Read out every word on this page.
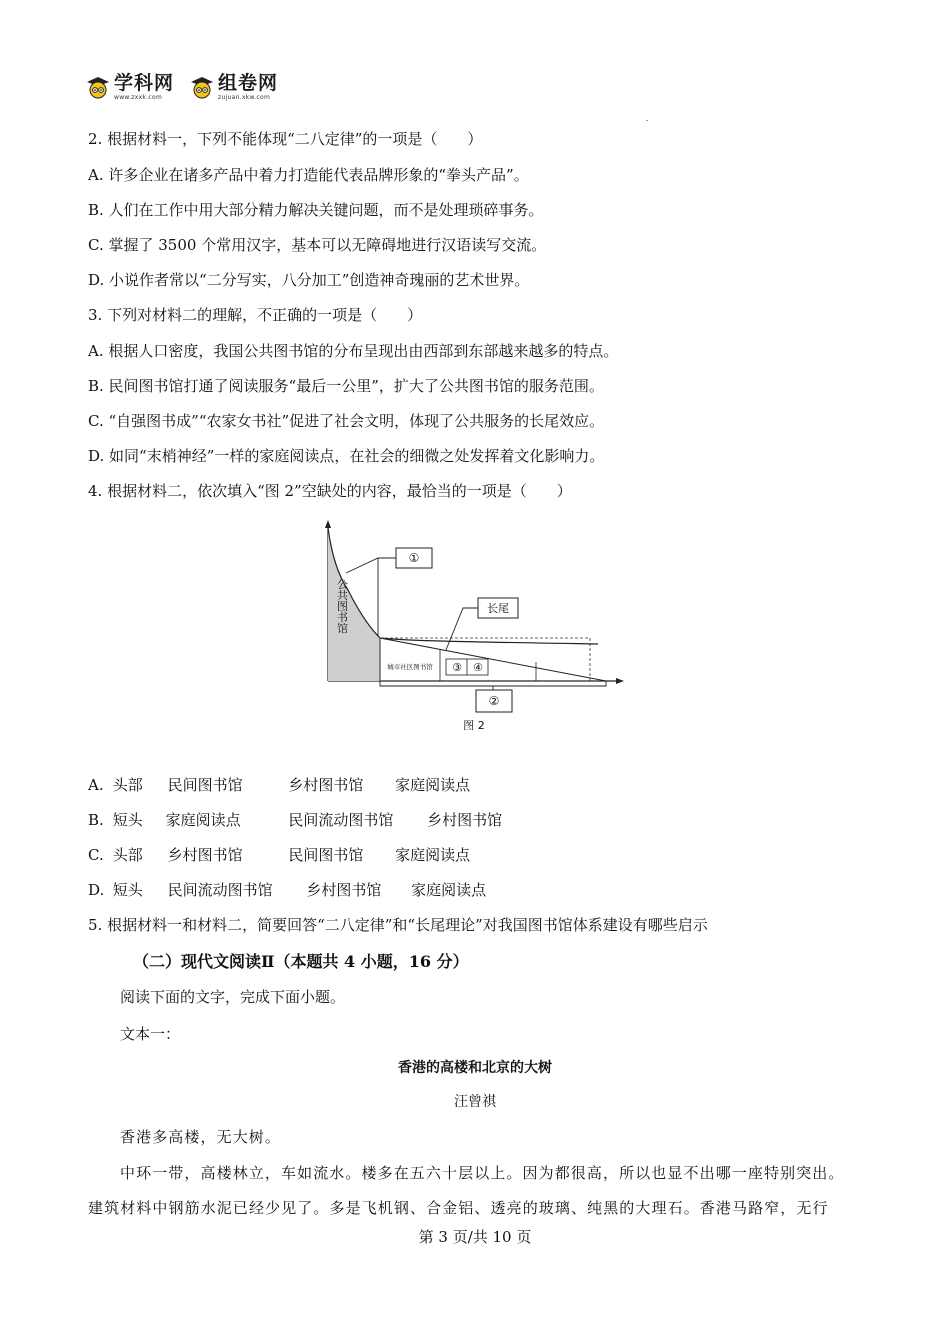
学科网
www.zxxk.com
组卷网
zujuan.xkw.com
2. 根据材料一，下列不能体现“二八定律”的一项是（　　）
A. 许多企业在诸多产品中着力打造能代表品牌形象的“拳头产品”。
B. 人们在工作中用大部分精力解决关键问题，而不是处理琐碎事务。
C. 掌握了 3500 个常用汉字，基本可以无障碍地进行汉语读写交流。
D. 小说作者常以“二分写实，八分加工”创造神奇瑰丽的艺术世界。
3. 下列对材料二的理解，不正确的一项是（　　）
A. 根据人口密度，我国公共图书馆的分布呈现出由西部到东部越来越多的特点。
B. 民间图书馆打通了阅读服务“最后一公里”，扩大了公共图书馆的服务范围。
C. “自强图书成”“农家女书社”促进了社会文明，体现了公共服务的长尾效应。
D. 如同“末梢神经”一样的家庭阅读点，在社会的细微之处发挥着文化影响力。
4. 根据材料二，依次填入“图 2”空缺处的内容，最恰当的一项是（　　）
公共图书馆
①
长尾
城市社区图书馆 ③ ④
②
图 2
A. 头部 民间图书馆	乡村图书馆 家庭阅读点
B. 短头 家庭阅读点	民间流动图书馆 乡村图书馆
C. 头部 乡村图书馆	民间图书馆 家庭阅读点
D. 短头 民间流动图书馆 乡村图书馆 家庭阅读点
5. 根据材料一和材料二，简要回答“二八定律”和“长尾理论”对我国图书馆体系建设有哪些启示
（二）现代文阅读Ⅱ（本题共 4 小题，16 分）
阅读下面的文字，完成下面小题。
文本一：
香港的高楼和北京的大树
汪曾祺
香港多高楼，无大树。
中环一带，高楼林立，车如流水。楼多在五六十层以上。因为都很高，所以也显不出哪一座特别突出。
建筑材料中钢筋水泥已经少见了。多是飞机钢、合金铝、透亮的玻璃、纯黑的大理石。香港马路窄，无行
第 3 页/共 10 页
